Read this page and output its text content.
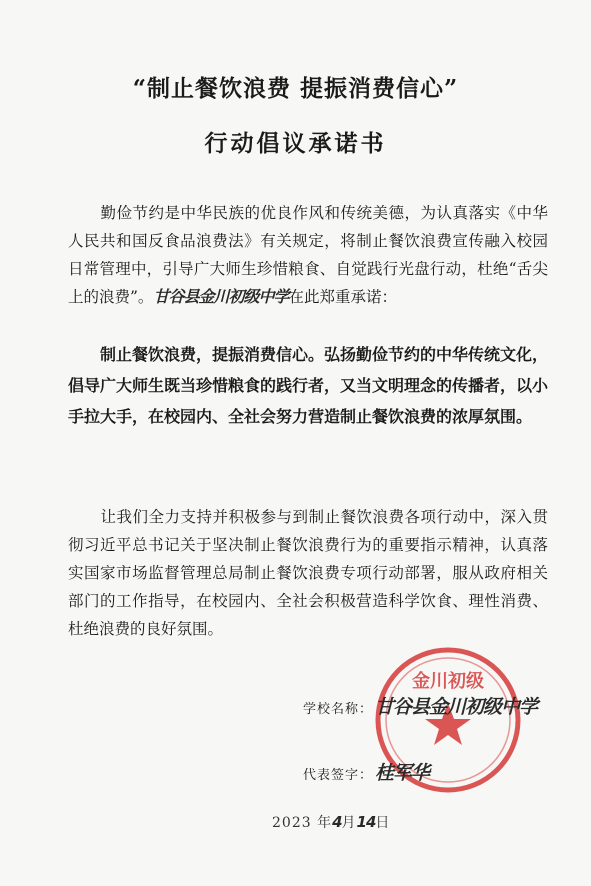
“制止餐饮浪费 提振消费信心”
行动倡议承诺书
勤俭节约是中华民族的优良作风和传统美德，为认真落实《中华人民共和国反食品浪费法》有关规定，将制止餐饮浪费宣传融入校园日常管理中，引导广大师生珍惜粮食、自觉践行光盘行动，杜绝“舌尖上的浪费”。甘谷县金川初级中学在此郑重承诺：
制止餐饮浪费，提振消费信心。弘扬勤俭节约的中华传统文化，倡导广大师生既当珍惜粮食的践行者，又当文明理念的传播者，以小手拉大手，在校园内、全社会努力营造制止餐饮浪费的浓厚氛围。
让我们全力支持并积极参与到制止餐饮浪费各项行动中，深入贯彻习近平总书记关于坚决制止餐饮浪费行为的重要指示精神，认真落实国家市场监督管理总局制止餐饮浪费专项行动部署，服从政府相关部门的工作指导，在校园内、全社会积极营造科学饮食、理性消费、杜绝浪费的良好氛围。
金川初级
学校名称： 甘谷县金川初级中学
代表签字： 桂军华
2023 年4月14日
